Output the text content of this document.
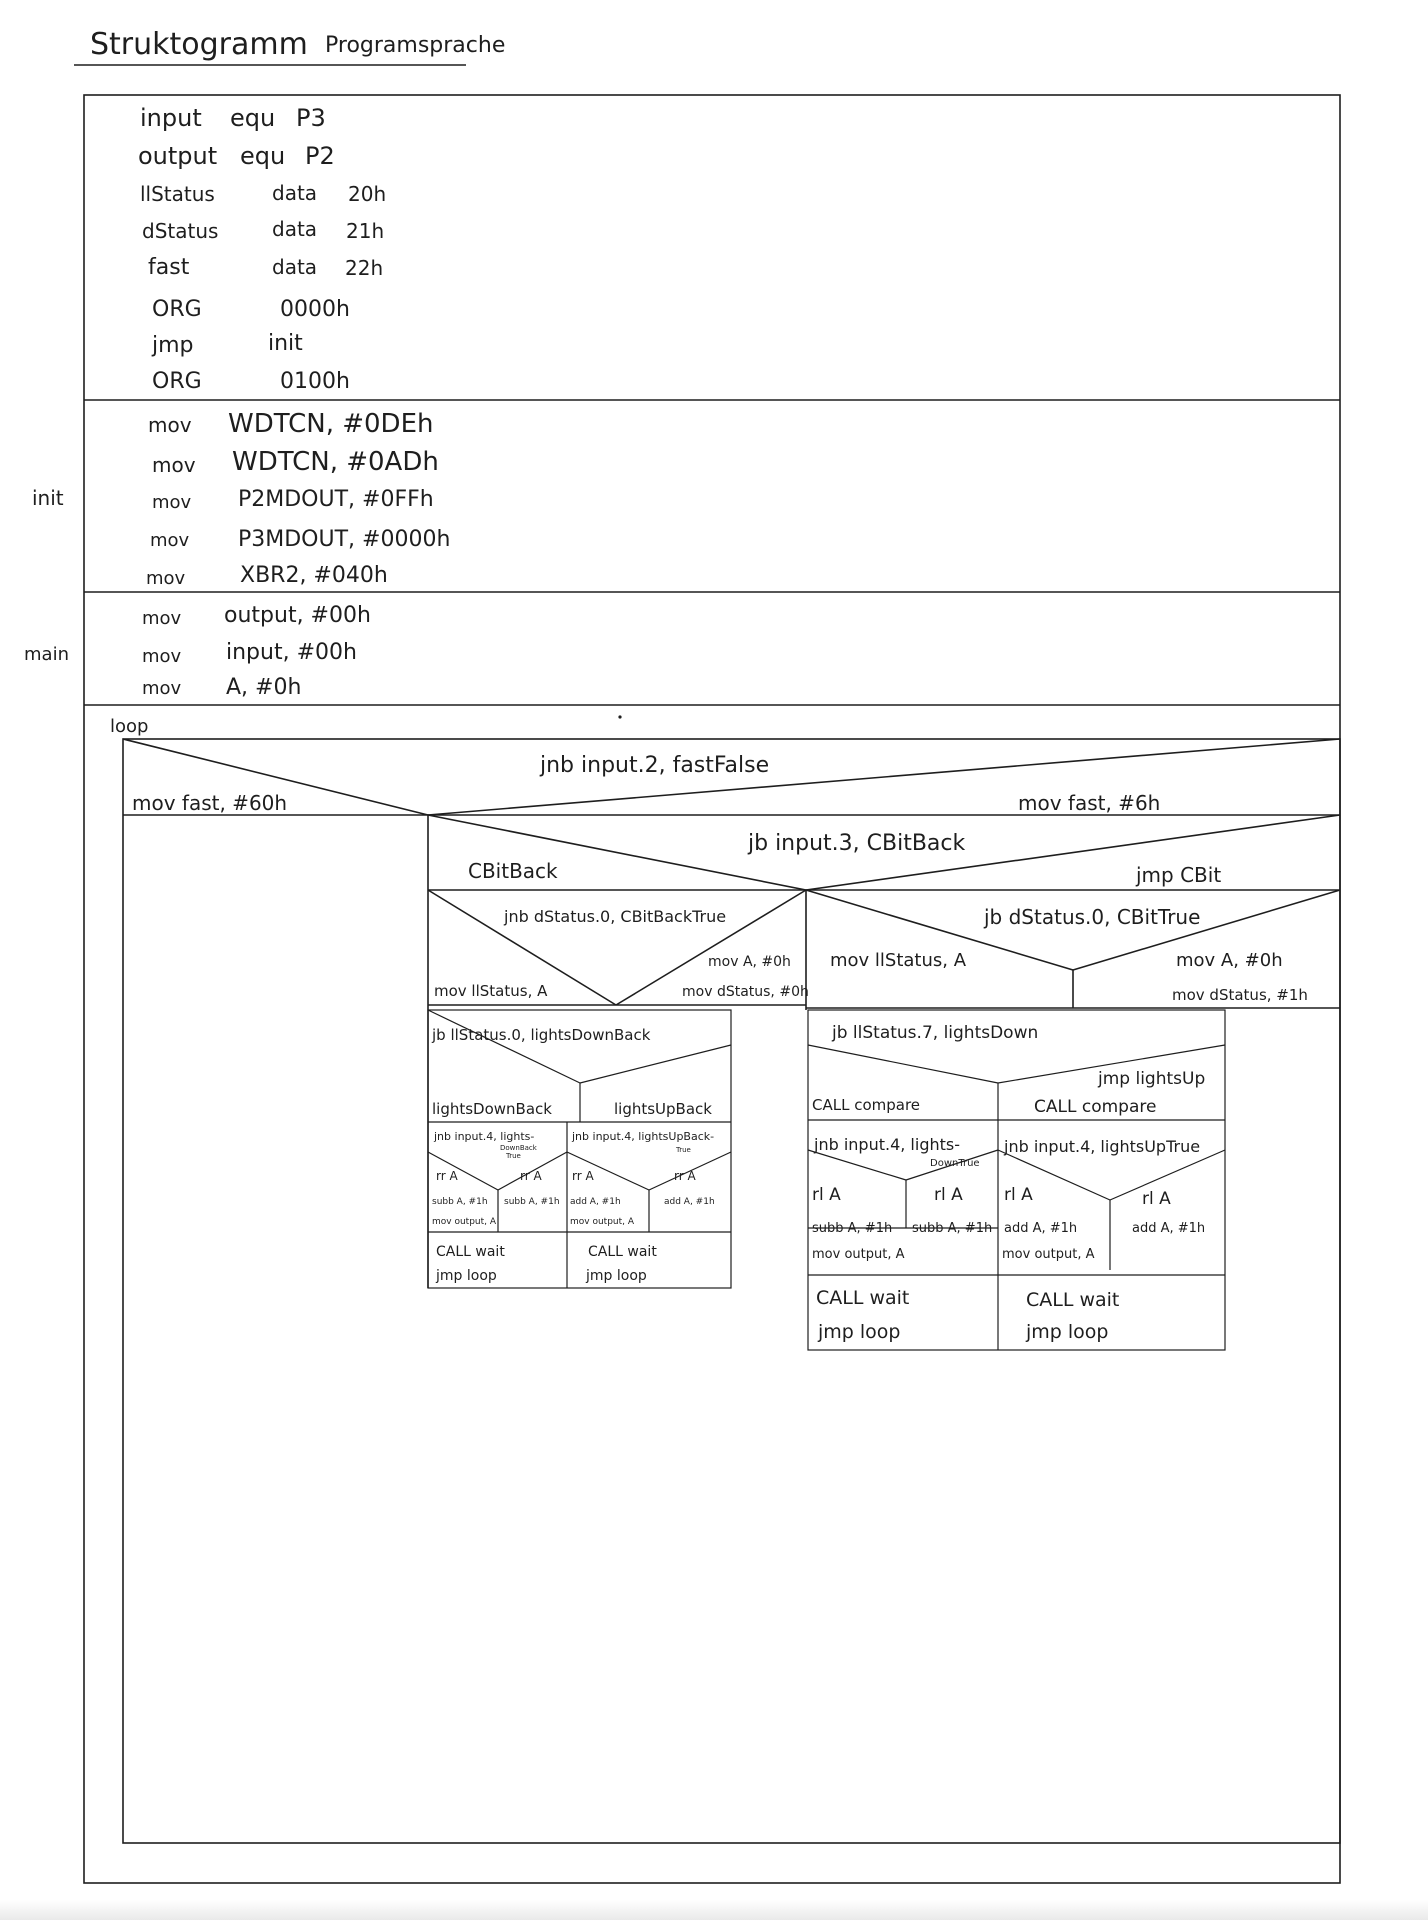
Struktogramm Programsprache
init
main
input equ P3
output equ P2
llStatus	data 20h
dStatus	data 21h
fast	data 22h
ORG	0000h
jmp	init
ORG	0100h
mov WDTCN, #0DEh
mov WDTCN, #0ADh
mov P2MDOUT, #0FFh
mov P3MDOUT, #0000h
mov XBR2, #040h
mov output, #00h
mov input, #00h
mov A, #0h
loop
jnb input.2, fastFalse
mov fast, #60h	mov fast, #6h
jb input.3, CBitBack
CBitBack	jmp CBit
jnb dStatus.0, CBitBackTrue
mov llStatus, A
mov A, #0h
mov dStatus, #0h
jb dStatus.0, CBitTrue
mov llStatus, A	mov A, #0h
mov dStatus, #1h
jb llStatus.0, lightsDownBack
lightsDownBack	lightsUpBack
jnb input.4, lights-
DownBack
True
rr A	rr A
subb A, #1h
mov output, A
subb A, #1h
CALL wait
jmp loop
jnb input.4, lightsUpBack-
True
rr A	rr A
add A, #1h
mov output, A
add A, #1h
CALL wait
jmp loop
jb llStatus.7, lightsDown
CALL compare
jmp lightsUp
CALL compare
jnb input.4, lights-
DownTrue
rl A	rl A
subb A, #1h
mov output, A
subb A, #1h
CALL wait
jmp loop
jnb input.4, lightsUpTrue
rl A	rl A
add A, #1h
mov output, A
add A, #1h
CALL wait
jmp loop
